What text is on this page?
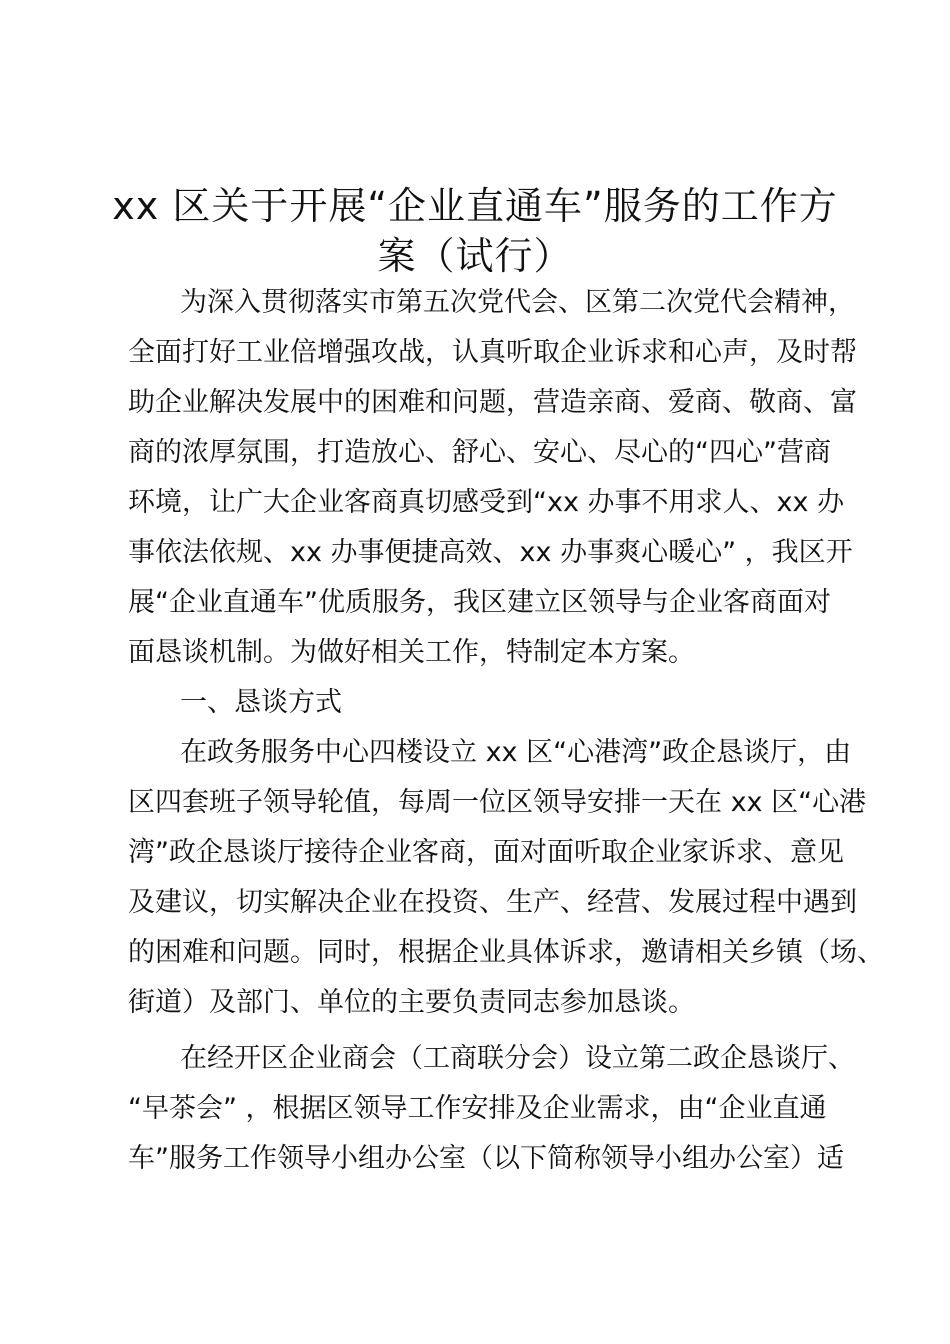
xx 区关于开展“企业直通车”服务的工作方
案（试行）
为深入贯彻落实市第五次党代会、区第二次党代会精神，
全面打好工业倍增强攻战，认真听取企业诉求和心声，及时帮
助企业解决发展中的困难和问题，营造亲商、爱商、敬商、富
商的浓厚氛围，打造放心、舒心、安心、尽心的“四心”营商
环境，让广大企业客商真切感受到“xx 办事不用求人、xx 办
事依法依规、xx 办事便捷高效、xx 办事爽心暖心” ，我区开
展“企业直通车”优质服务，我区建立区领导与企业客商面对
面恳谈机制。为做好相关工作，特制定本方案。
一、恳谈方式
在政务服务中心四楼设立 xx 区“心港湾”政企恳谈厅，由
区四套班子领导轮值，每周一位区领导安排一天在 xx 区“心港
湾”政企恳谈厅接待企业客商，面对面听取企业家诉求、意见
及建议，切实解决企业在投资、生产、经营、发展过程中遇到
的困难和问题。同时，根据企业具体诉求，邀请相关乡镇（场、
街道）及部门、单位的主要负责同志参加恳谈。
在经开区企业商会（工商联分会）设立第二政企恳谈厅、
“早茶会” ，根据区领导工作安排及企业需求，由“企业直通
车”服务工作领导小组办公室（以下简称领导小组办公室）适
